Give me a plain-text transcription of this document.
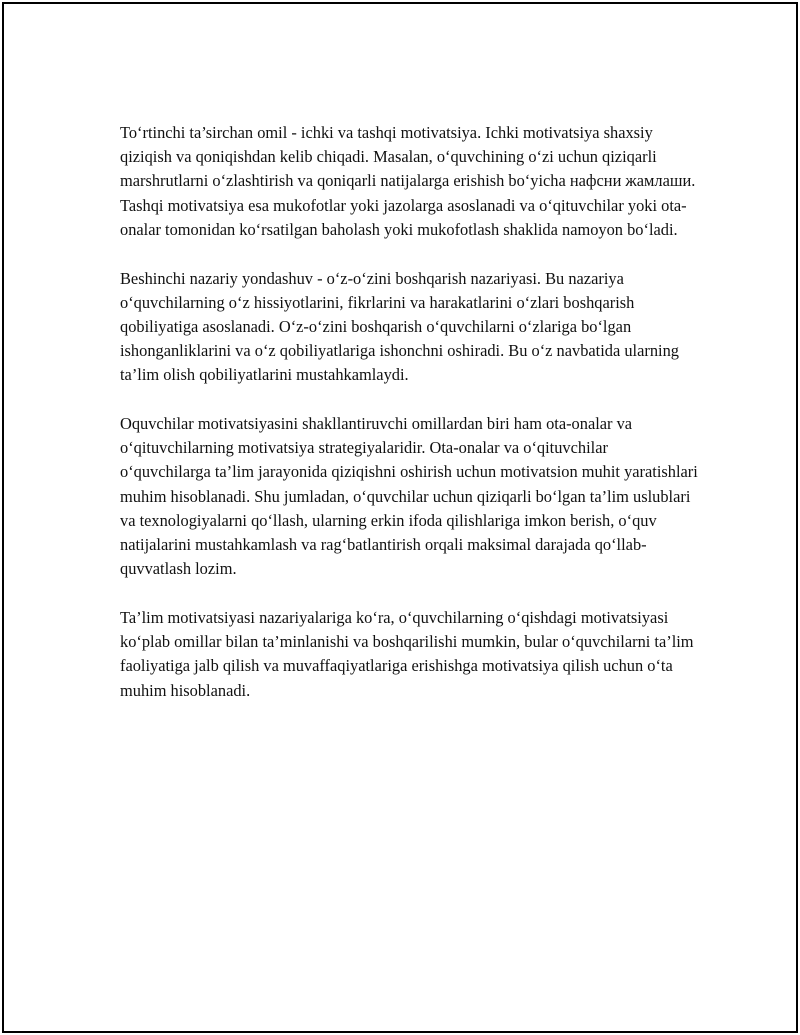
To‘rtinchi ta’sirchan omil - ichki va tashqi motivatsiya. Ichki motivatsiya shaxsiy qiziqish va qoniqishdan kelib chiqadi. Masalan, o‘quvchining o‘zi uchun qiziqarli marshrutlarni o‘zlashtirish va qoniqarli natijalarga erishish bo‘yicha нафсни жамлаши. Tashqi motivatsiya esa mukofotlar yoki jazolarga asoslanadi va o‘qituvchilar yoki ota-onalar tomonidan ko‘rsatilgan baholash yoki mukofotlash shaklida namoyon bo‘ladi.

Beshinchi nazariy yondashuv - o‘z-o‘zini boshqarish nazariyasi. Bu nazariya o‘quvchilarning o‘z hissiyotlarini, fikrlarini va harakatlarini o‘zlari boshqarish qobiliyatiga asoslanadi. O‘z-o‘zini boshqarish o‘quvchilarni o‘zlariga bo‘lgan ishonganliklarini va o‘z qobiliyatlariga ishonchni oshiradi. Bu o‘z navbatida ularning ta’lim olish qobiliyatlarini mustahkamlaydi.

Oquvchilar motivatsiyasini shakllantiruvchi omillardan biri ham ota-onalar va o‘qituvchilarning motivatsiya strategiyalaridir. Ota-onalar va o‘qituvchilar o‘quvchilarga ta’lim jarayonida qiziqishni oshirish uchun motivatsion muhit yaratishlari muhim hisoblanadi. Shu jumladan, o‘quvchilar uchun qiziqarli bo‘lgan ta’lim uslublari va texnologiyalarni qo‘llash, ularning erkin ifoda qilishlariga imkon berish, o‘quv natijalarini mustahkamlash va rag‘batlantirish orqali maksimal darajada qo‘llab-quvvatlash lozim.

Ta’lim motivatsiyasi nazariyalariga ko‘ra, o‘quvchilarning o‘qishdagi motivatsiyasi ko‘plab omillar bilan ta’minlanishi va boshqarilishi mumkin, bular o‘quvchilarni ta’lim faoliyatiga jalb qilish va muvaffaqiyatlariga erishishga motivatsiya qilish uchun o‘ta muhim hisoblanadi.
